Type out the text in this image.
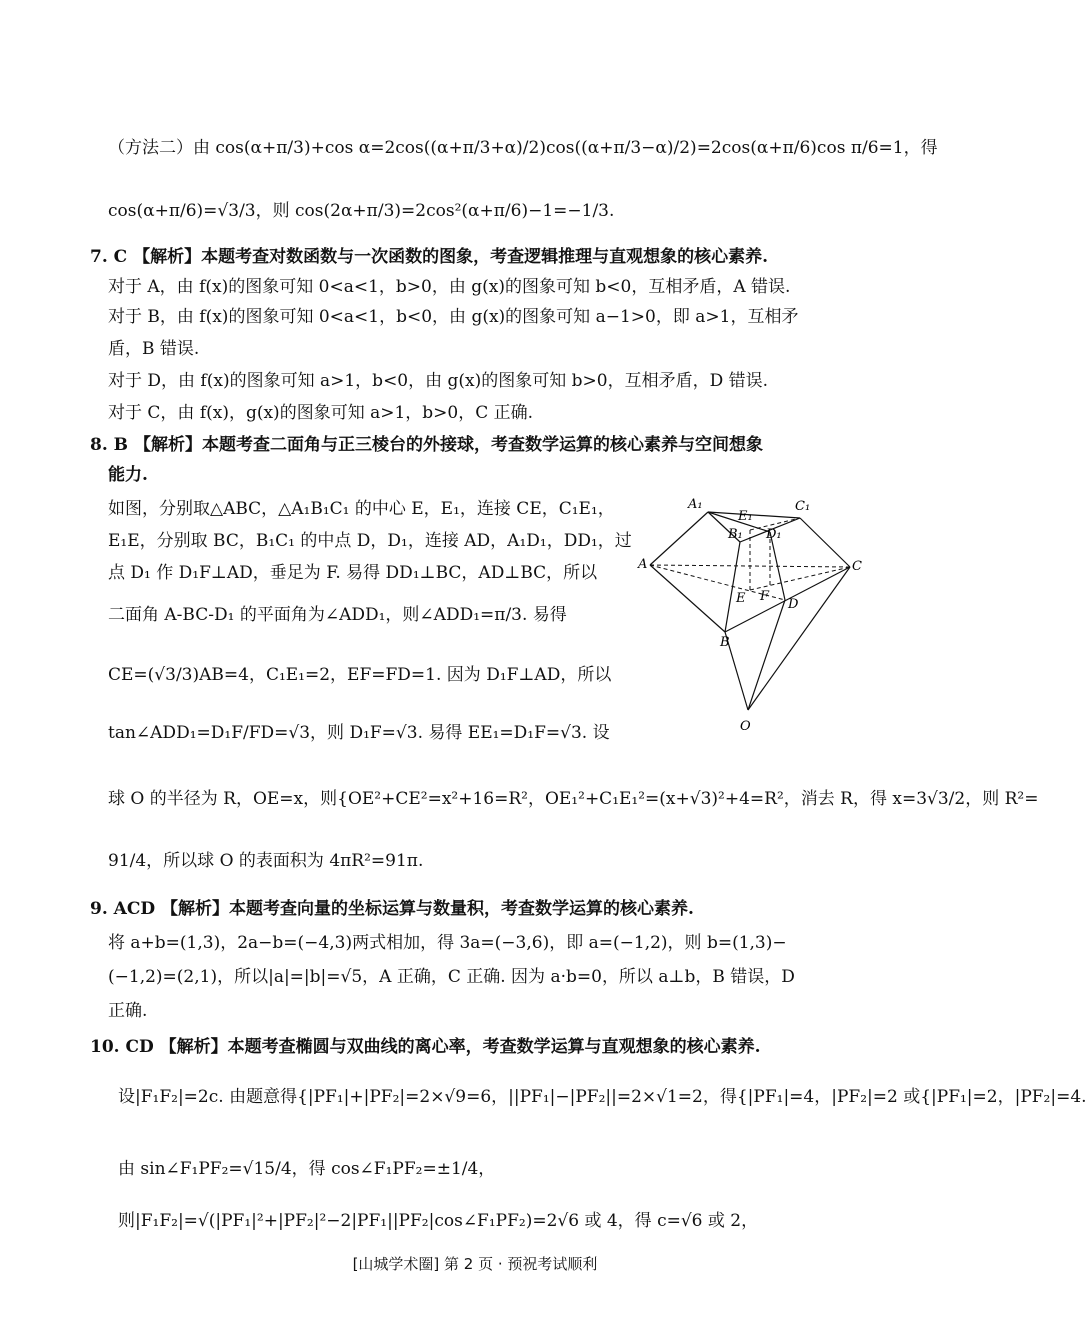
（方法二）由 cos(α+π/3)+cos α=2cos((α+π/3+α)/2)cos((α+π/3−α)/2)=2cos(α+π/6)cos π/6=1，得
cos(α+π/6)=√3/3，则 cos(2α+π/3)=2cos²(α+π/6)−1=−1/3.
7. C 【解析】本题考查对数函数与一次函数的图象，考查逻辑推理与直观想象的核心素养.
对于 A，由 f(x)的图象可知 0<a<1，b>0，由 g(x)的图象可知 b<0，互相矛盾，A 错误.
对于 B，由 f(x)的图象可知 0<a<1，b<0，由 g(x)的图象可知 a−1>0，即 a>1，互相矛
盾，B 错误.
对于 D，由 f(x)的图象可知 a>1，b<0，由 g(x)的图象可知 b>0，互相矛盾，D 错误.
对于 C，由 f(x)，g(x)的图象可知 a>1，b>0，C 正确.
8. B 【解析】本题考查二面角与正三棱台的外接球，考查数学运算的核心素养与空间想象
能力.
如图，分别取△ABC，△A₁B₁C₁ 的中心 E，E₁，连接 CE，C₁E₁，
E₁E，分别取 BC，B₁C₁ 的中点 D，D₁，连接 AD，A₁D₁，DD₁，过
点 D₁ 作 D₁F⊥AD，垂足为 F. 易得 DD₁⊥BC，AD⊥BC，所以
二面角 A-BC-D₁ 的平面角为∠ADD₁，则∠ADD₁=π/3. 易得
CE=(√3/3)AB=4，C₁E₁=2，EF=FD=1. 因为 D₁F⊥AD，所以
tan∠ADD₁=D₁F/FD=√3，则 D₁F=√3. 易得 EE₁=D₁F=√3. 设
球 O 的半径为 R，OE=x，则{OE²+CE²=x²+16=R²，OE₁²+C₁E₁²=(x+√3)²+4=R²，消去 R，得 x=3√3/2，则 R²=
91/4，所以球 O 的表面积为 4πR²=91π.
9. ACD 【解析】本题考查向量的坐标运算与数量积，考查数学运算的核心素养.
将 a+b=(1,3)，2a−b=(−4,3)两式相加，得 3a=(−3,6)，即 a=(−1,2)，则 b=(1,3)−
(−1,2)=(2,1)，所以|a|=|b|=√5，A 正确，C 正确. 因为 a·b=0，所以 a⊥b，B 错误，D
正确.
10. CD 【解析】本题考查椭圆与双曲线的离心率，考查数学运算与直观想象的核心素养.
设|F₁F₂|=2c. 由题意得{|PF₁|+|PF₂|=2×√9=6，||PF₁|−|PF₂||=2×√1=2，得{|PF₁|=4，|PF₂|=2 或{|PF₁|=2，|PF₂|=4.
由 sin∠F₁PF₂=√15/4，得 cos∠F₁PF₂=±1/4，
则|F₁F₂|=√(|PF₁|²+|PF₂|²−2|PF₁||PF₂|cos∠F₁PF₂)=2√6 或 4，得 c=√6 或 2，
A₁	C₁
E₁
B₁ D₁
A	C
E F
D
B
O
[山城学术圈] 第 2 页 · 预祝考试顺利
